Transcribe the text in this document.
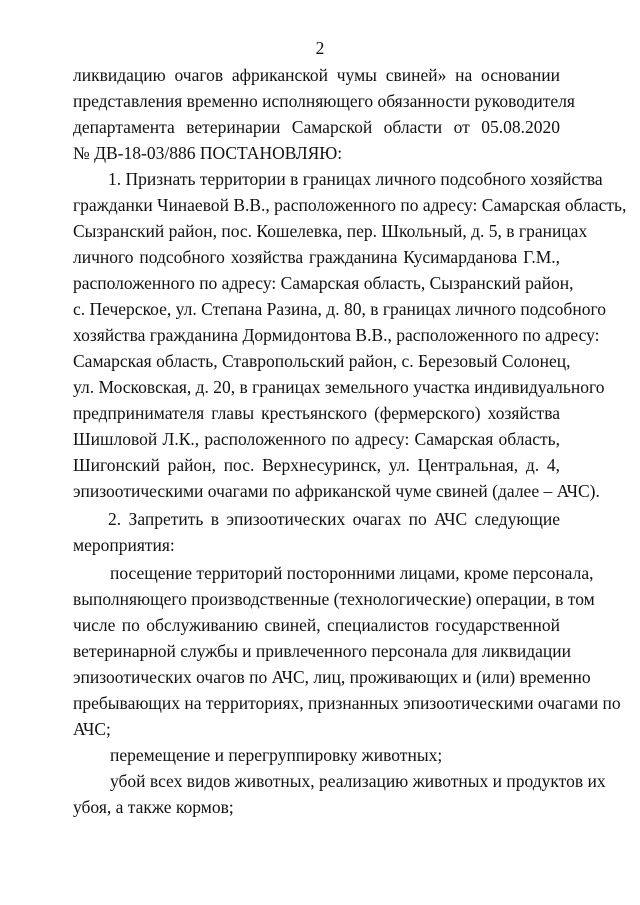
2
ликвидацию очагов африканской чумы свиней» на основании
представления временно исполняющего обязанности руководителя
департамента ветеринарии Самарской области от 05.08.2020
№ ДВ-18-03/886 ПОСТАНОВЛЯЮ:
1. Признать территории в границах личного подсобного хозяйства
гражданки Чинаевой В.В., расположенного по адресу: Самарская область,
Сызранский район, пос. Кошелевка, пер. Школьный, д. 5, в границах
личного подсобного хозяйства гражданина Кусимарданова Г.М.,
расположенного по адресу: Самарская область, Сызранский район,
с. Печерское, ул. Степана Разина, д. 80, в границах личного подсобного
хозяйства гражданина Дормидонтова В.В., расположенного по адресу:
Самарская область, Ставропольский район, с. Березовый Солонец,
ул. Московская, д. 20, в границах земельного участка индивидуального
предпринимателя главы крестьянского (фермерского) хозяйства
Шишловой Л.К., расположенного по адресу: Самарская область,
Шигонский район, пос. Верхнесуринск, ул. Центральная, д. 4,
эпизоотическими очагами по африканской чуме свиней (далее – АЧС).
2. Запретить в эпизоотических очагах по АЧС следующие
мероприятия:
посещение территорий посторонними лицами, кроме персонала,
выполняющего производственные (технологические) операции, в том
числе по обслуживанию свиней, специалистов государственной
ветеринарной службы и привлеченного персонала для ликвидации
эпизоотических очагов по АЧС, лиц, проживающих и (или) временно
пребывающих на территориях, признанных эпизоотическими очагами по
АЧС;
перемещение и перегруппировку животных;
убой всех видов животных, реализацию животных и продуктов их
убоя, а также кормов;
